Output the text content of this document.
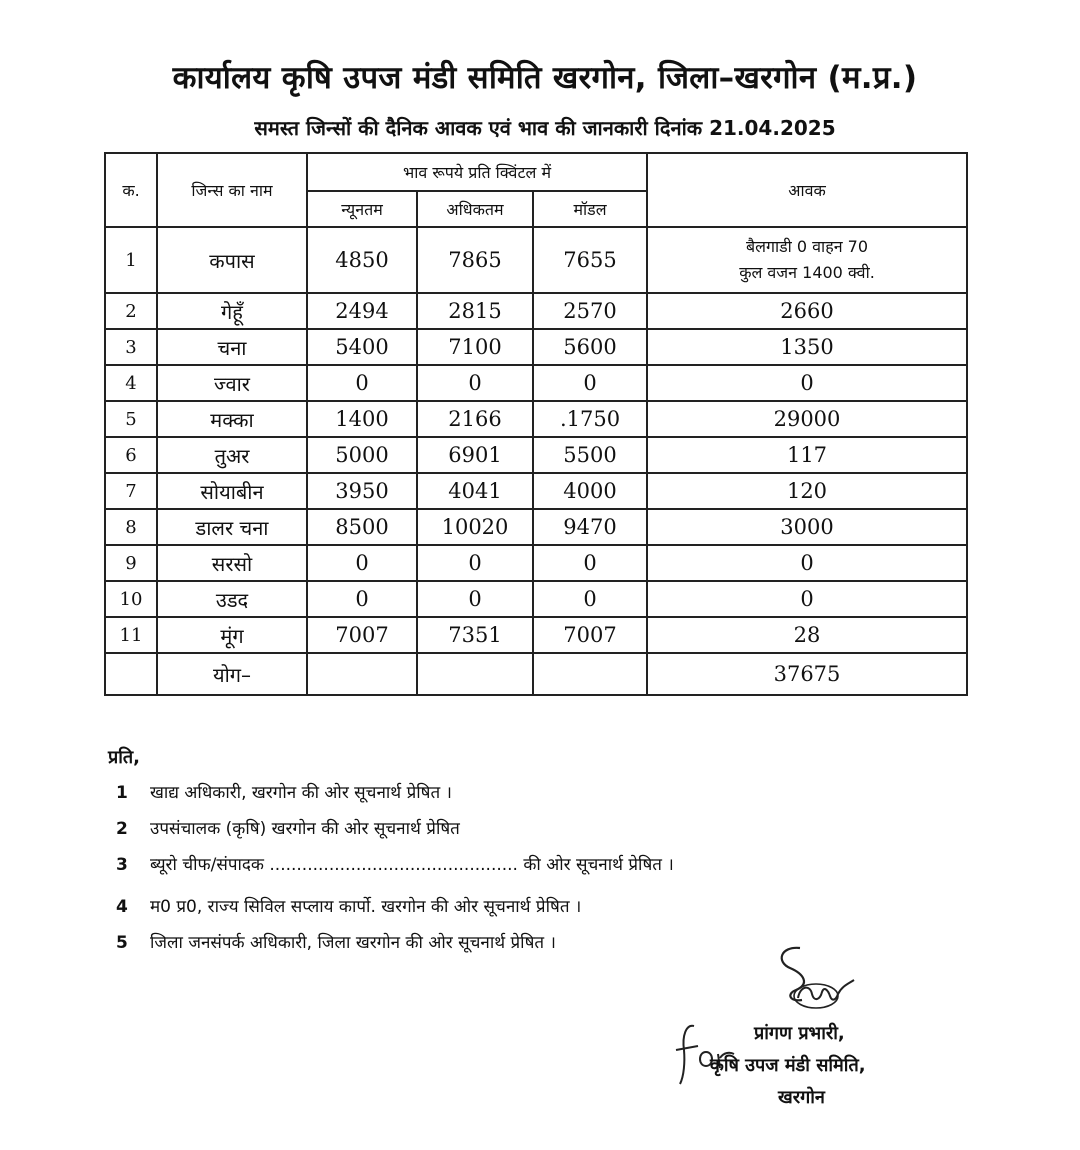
कार्यालय कृषि उपज मंडी समिति खरगोन, जिला–खरगोन (म.प्र.)
समस्त जिन्सों की दैनिक आवक एवं भाव की जानकारी दिनांक 21.04.2025
क.	जिन्स का नाम	भाव रूपये प्रति क्विंटल में			आवक
		न्यूनतम	अधिकतम	मॉडल	
1	कपास	4850	7865	7655	बैलगाडी 0 वाहन 70
कुल वजन 1400 क्वी.

2	गेहूँ	2494	2815	2570	2660
3	चना	5400	7100	5600	1350
4	ज्वार	0	0	0	0
5	मक्का	1400	2166	.1750	29000
6	तुअर	5000	6901	5500	117
7	सोयाबीन	3950	4041	4000	120
8	डालर चना	8500	10020	9470	3000
9	सरसो	0	0	0	0
10	उडद	0	0	0	0
11	मूंग	7007	7351	7007	28
	योग–				37675
प्रति,
1	खाद्य अधिकारी, खरगोन की ओर सूचनार्थ प्रेषित ।
2	उपसंचालक (कृषि) खरगोन की ओर सूचनार्थ प्रेषित
3	ब्यूरो चीफ/संपादक .............................................. की ओर सूचनार्थ प्रेषित ।
4	म0 प्र0, राज्य सिविल सप्लाय कार्पो. खरगोन की ओर सूचनार्थ प्रेषित ।
5	जिला जनसंपर्क अधिकारी, जिला खरगोन की ओर सूचनार्थ प्रेषित ।
प्रांगण प्रभारी,
कृषि उपज मंडी समिति,
खरगोन
